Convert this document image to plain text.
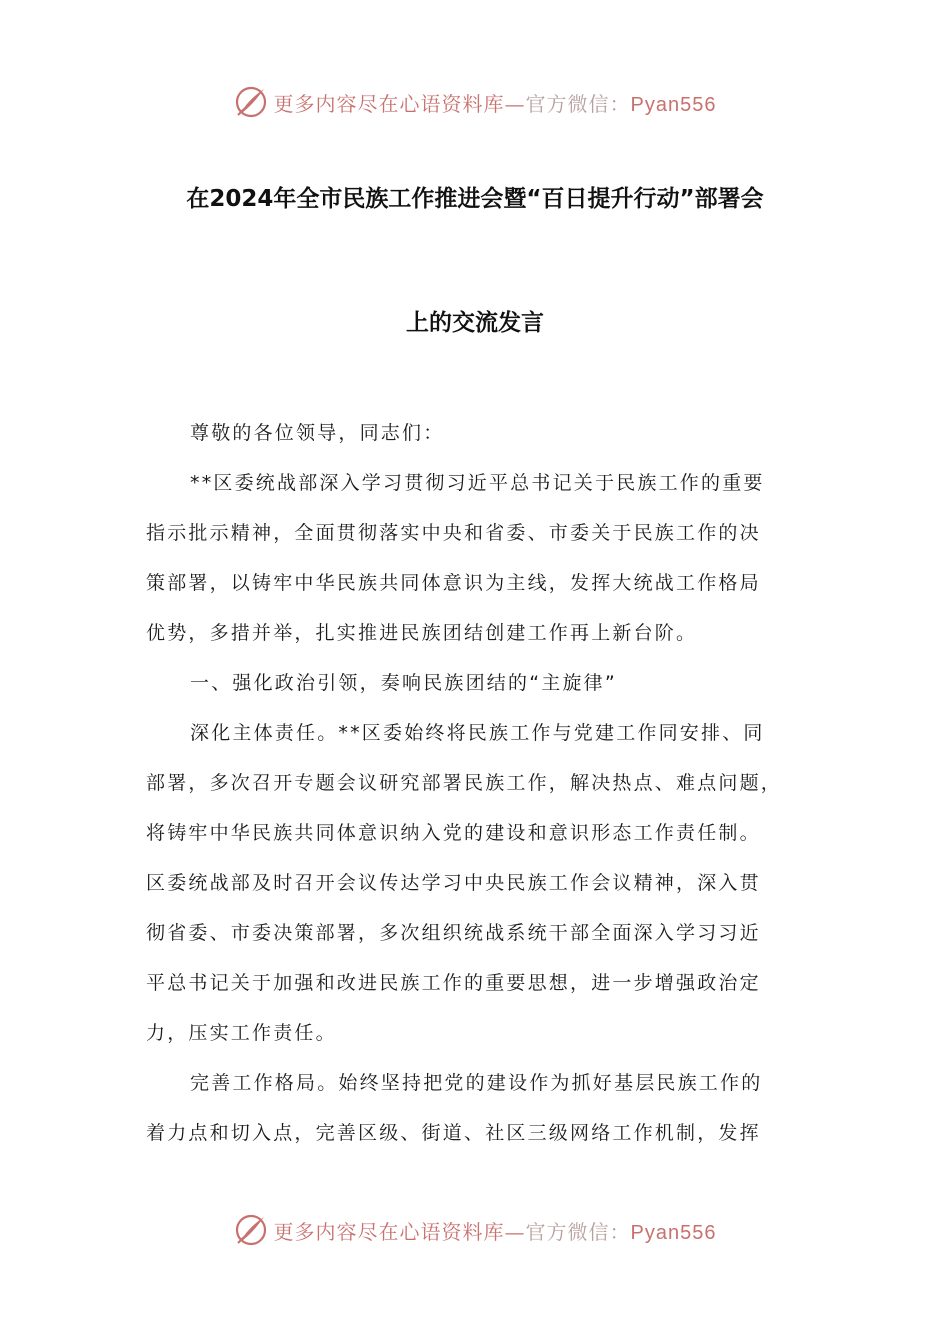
更多内容尽在心语资料库—官方微信：Pyan556
在2024年全市民族工作推进会暨“百日提升行动”部署会
上的交流发言
尊敬的各位领导，同志们：
**区委统战部深入学习贯彻习近平总书记关于民族工作的重要
指示批示精神，全面贯彻落实中央和省委、市委关于民族工作的决
策部署，以铸牢中华民族共同体意识为主线，发挥大统战工作格局
优势，多措并举，扎实推进民族团结创建工作再上新台阶。
一、强化政治引领，奏响民族团结的“主旋律”
深化主体责任。**区委始终将民族工作与党建工作同安排、同
部署，多次召开专题会议研究部署民族工作，解决热点、难点问题，
将铸牢中华民族共同体意识纳入党的建设和意识形态工作责任制。
区委统战部及时召开会议传达学习中央民族工作会议精神，深入贯
彻省委、市委决策部署，多次组织统战系统干部全面深入学习习近
平总书记关于加强和改进民族工作的重要思想，进一步增强政治定
力，压实工作责任。
完善工作格局。始终坚持把党的建设作为抓好基层民族工作的
着力点和切入点，完善区级、街道、社区三级网络工作机制，发挥
更多内容尽在心语资料库—官方微信：Pyan556
